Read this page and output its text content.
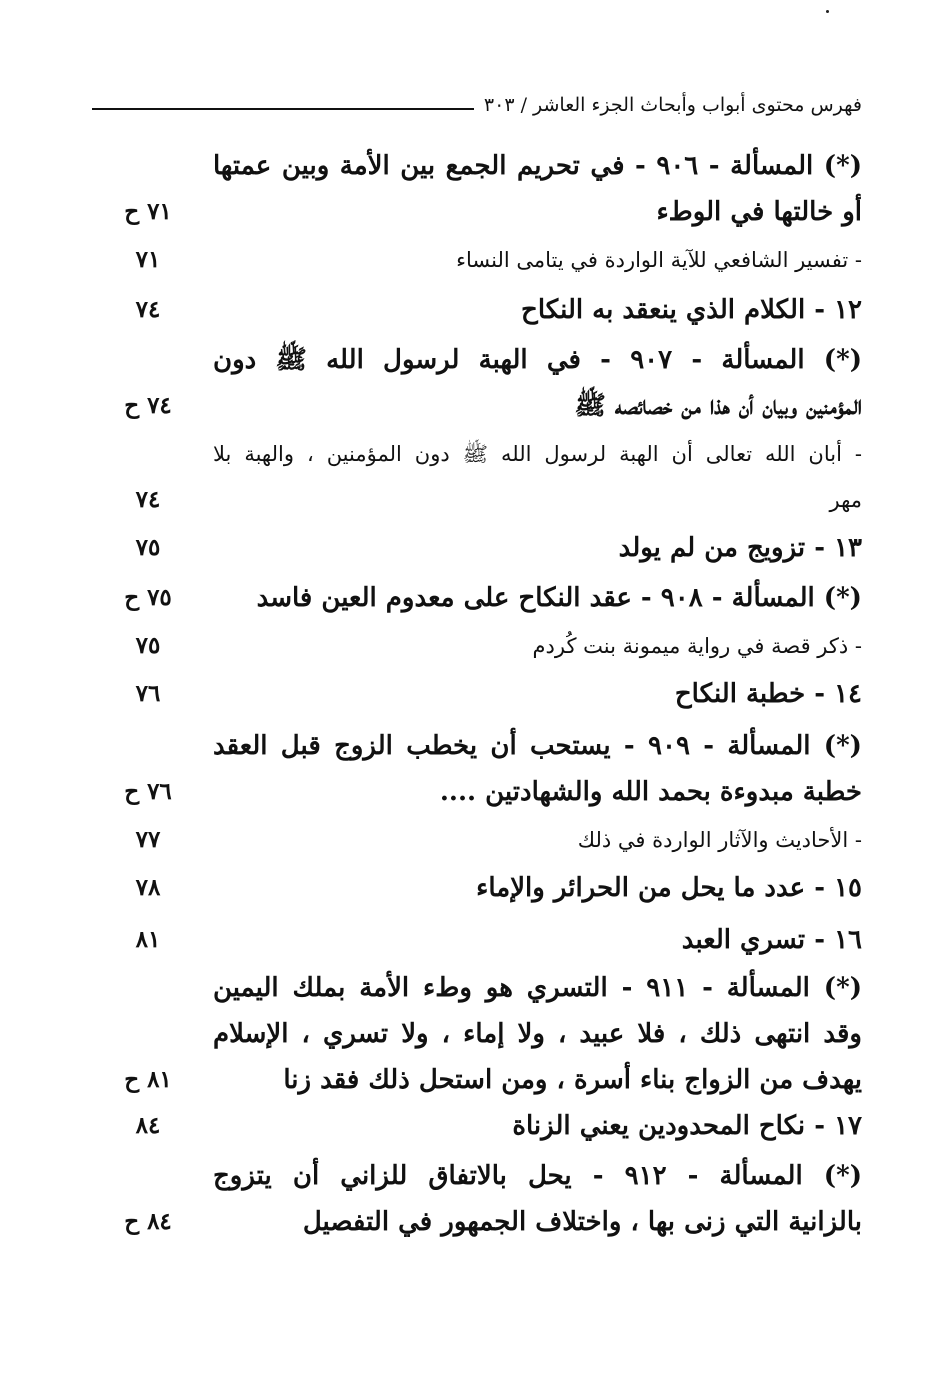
فهرس محتوى أبواب وأبحاث الجزء العاشر / ٣٠٣
(*) المسألة - ٩٠٦ - في تحريم الجمع بين الأمة وبين عمتها
أو خالتها في الوطء
٧١ ح
- تفسير الشافعي للآية الواردة في يتامى النساء
٧١
١٢ - الكلام الذي ينعقد به النكاح
٧٤
(*) المسألة - ٩٠٧ - في الهبة لرسول الله ﷺ دون
المؤمنين وبيان أن هذا من خصائصه ﷺ
٧٤ ح
- أبان الله تعالى أن الهبة لرسول الله ﷺ دون المؤمنين ، والهبة بلا
مهر
٧٤
١٣ - تزويج من لم يولد
٧٥
(*) المسألة - ٩٠٨ - عقد النكاح على معدوم العين فاسد
٧٥ ح
- ذكر قصة في رواية ميمونة بنت كُردم
٧٥
١٤ - خطبة النكاح
٧٦
(*) المسألة - ٩٠٩ - يستحب أن يخطب الزوج قبل العقد
خطبة مبدوءة بحمد الله والشهادتين ....
٧٦ ح
- الأحاديث والآثار الواردة في ذلك
٧٧
١٥ - عدد ما يحل من الحرائر والإماء
٧٨
١٦ - تسري العبد
٨١
(*) المسألة - ٩١١ - التسري هو وطء الأمة بملك اليمين
وقد انتهى ذلك ، فلا عبيد ، ولا إماء ، ولا تسري ، الإسلام
يهدف من الزواج بناء أسرة ، ومن استحل ذلك فقد زنا
٨١ ح
١٧ - نكاح المحدودين يعني الزناة
٨٤
(*) المسألة - ٩١٢ - يحل بالاتفاق للزاني أن يتزوج
بالزانية التي زنى بها ، واختلاف الجمهور في التفصيل
٨٤ ح
